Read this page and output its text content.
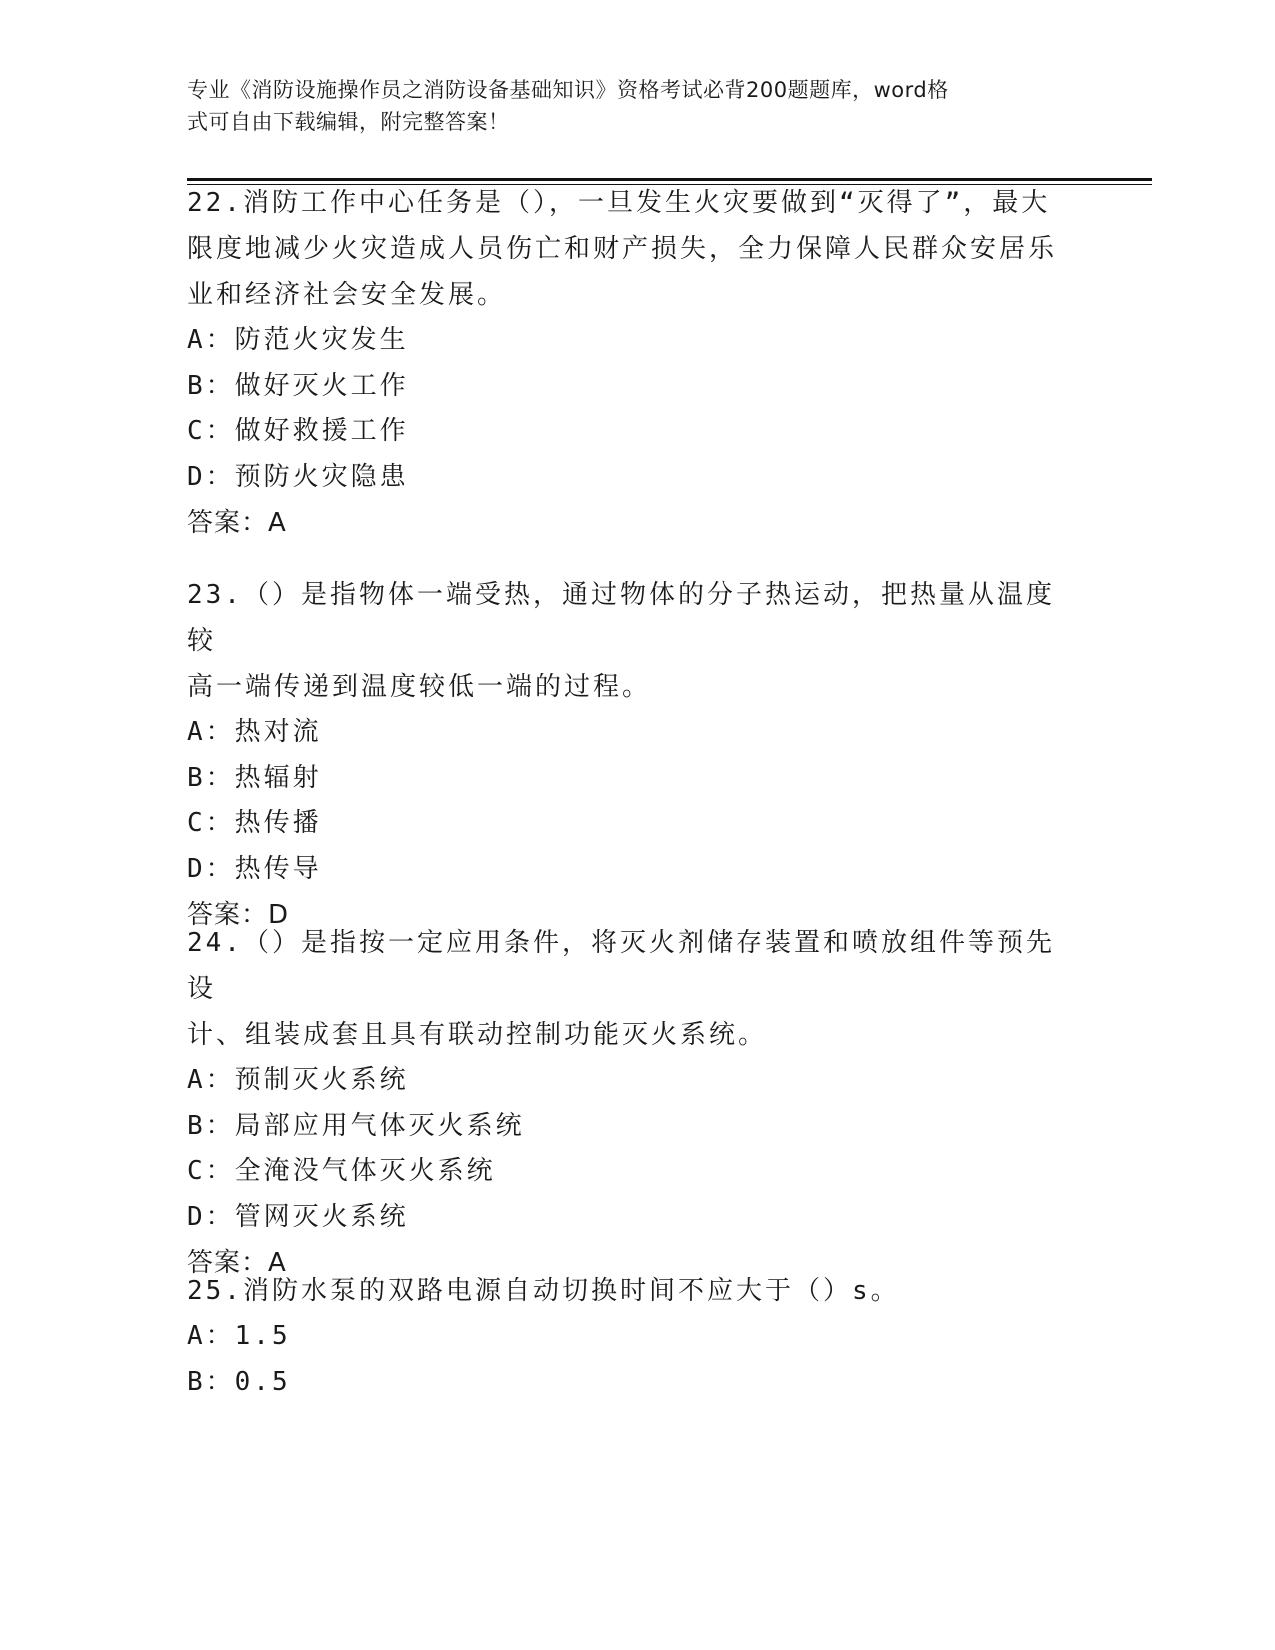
专业《消防设施操作员之消防设备基础知识》资格考试必背200题题库，word格
式可自由下载编辑，附完整答案！

22.消防工作中心任务是（），一旦发生火灾要做到“灭得了”，最大

限度地减少火灾造成人员伤亡和财产损失，全力保障人民群众安居乐

业和经济社会安全发展。

A：防范火灾发生

B：做好灭火工作

C：做好救援工作

D：预防火灾隐患

答案：A

23.（）是指物体一端受热，通过物体的分子热运动，把热量从温度较

高一端传递到温度较低一端的过程。

A：热对流

B：热辐射

C：热传播

D：热传导

答案：D

24.（）是指按一定应用条件，将灭火剂储存装置和喷放组件等预先设

计、组装成套且具有联动控制功能灭火系统。

A：预制灭火系统

B：局部应用气体灭火系统

C：全淹没气体灭火系统

D：管网灭火系统

答案：A

25.消防水泵的双路电源自动切换时间不应大于（）s。

A：1.5

B：0.5
